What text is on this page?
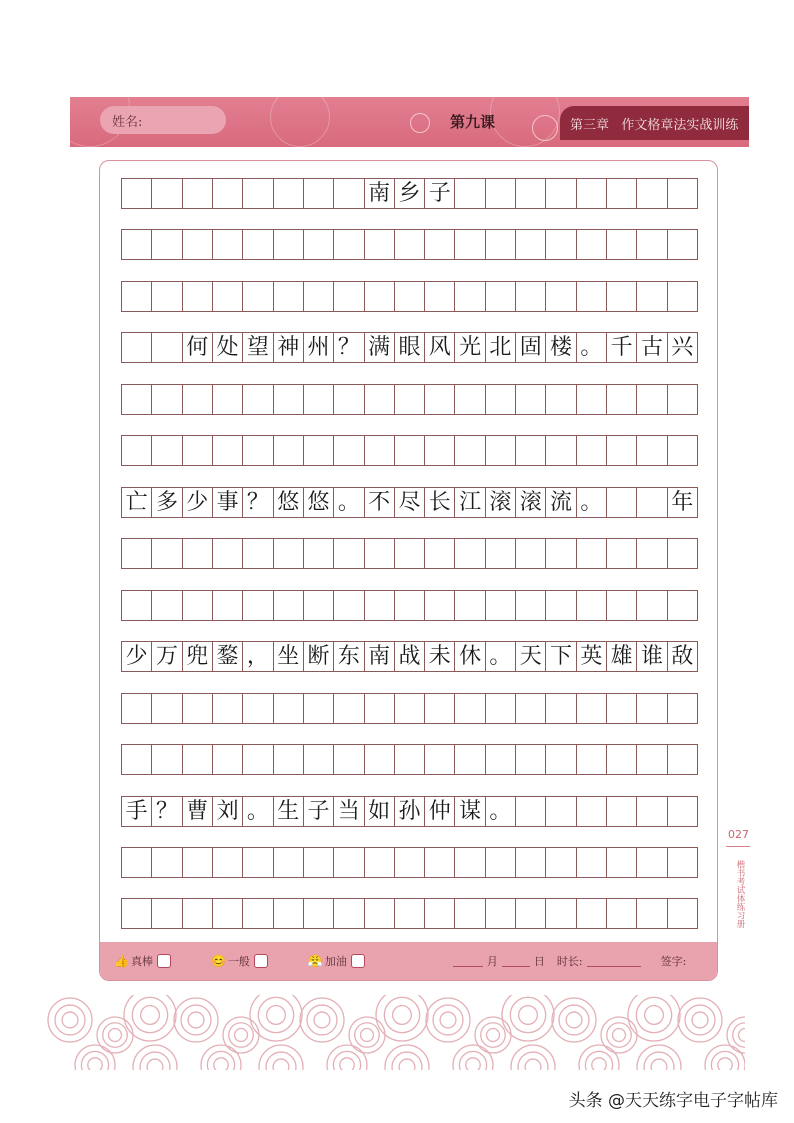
姓名:	第九课	第三章   作文格章法实战训练
南 乡 子
何 处 望 神 州 ？ 满 眼 风 光 北 固 楼 。 千 古 兴
亡 多 少 事 ？ 悠 悠 。 不 尽 长 江 滚 滚 流 。	年
少 万 兜 鍪 ， 坐 断 东 南 战 未 休 。 天 下 英 雄 谁 敌
手 ？ 曹 刘 。 生 子 当 如 孙 仲 谋 。
👍 真棒	😊 一般	😤 加油	月	日 时长:	签字:
027
楷书考试体练习册
头条 @天天练字电子字帖库
